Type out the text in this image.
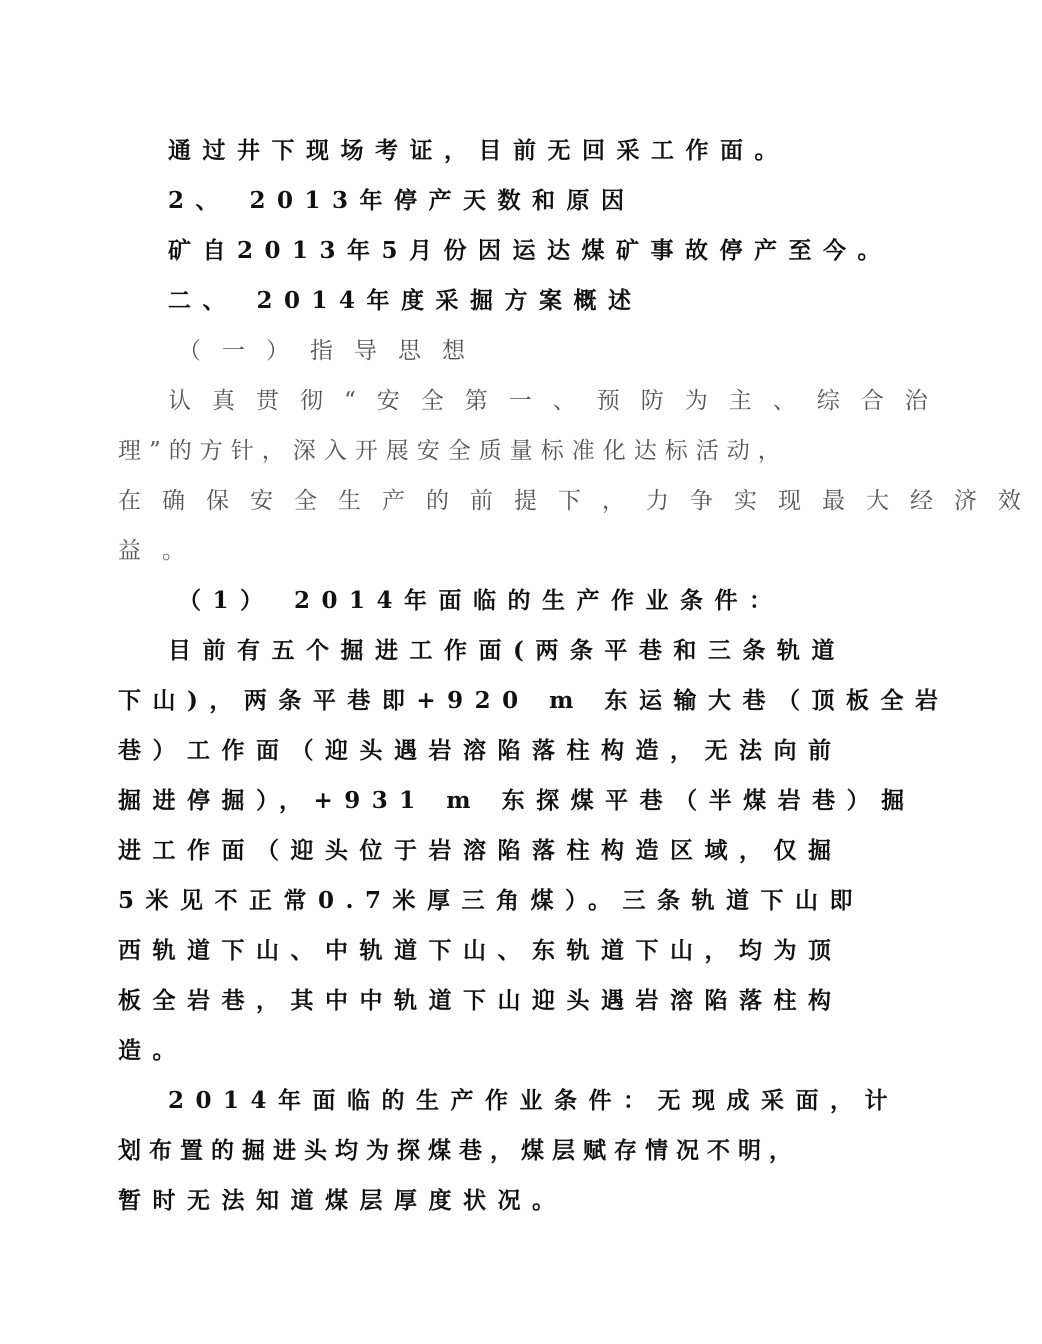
通过井下现场考证，目前无回采工作面。
2、 2013年停产天数和原因
矿自2013年5月份因运达煤矿事故停产至今。
二、 2014年度采掘方案概述
（一）指导思想
认真贯彻“安全第一、预防为主、综合治
理”的方针，深入开展安全质量标准化达标活动，
在确保安全生产的前提下，力争实现最大经济效
益。
（1） 2014年面临的生产作业条件：
目前有五个掘进工作面(两条平巷和三条轨道
下山)，两条平巷即+920 m 东运输大巷（顶板全岩
巷）工作面（迎头遇岩溶陷落柱构造，无法向前
掘进停掘），+931 m 东探煤平巷（半煤岩巷）掘
进工作面（迎头位于岩溶陷落柱构造区域，仅掘
5米见不正常0.7米厚三角煤）。三条轨道下山即
西轨道下山、中轨道下山、东轨道下山，均为顶
板全岩巷，其中中轨道下山迎头遇岩溶陷落柱构
造。
2014年面临的生产作业条件：无现成采面，计
划布置的掘进头均为探煤巷，煤层赋存情况不明，
暂时无法知道煤层厚度状况。
